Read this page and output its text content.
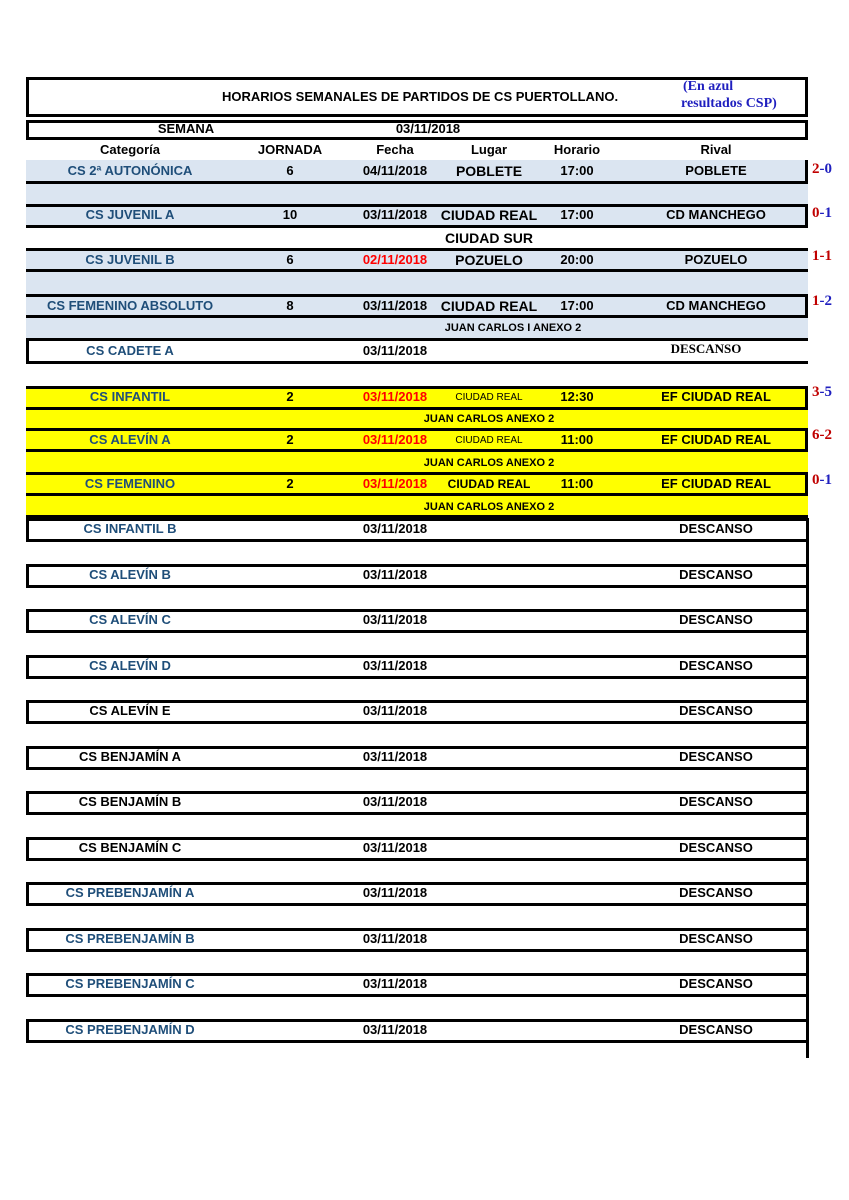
HORARIOS SEMANALES DE PARTIDOS DE CS PUERTOLLANO.
(En azul
resultados CSP)
SEMANA	03/11/2018
Categoría	JORNADA	Fecha	Lugar	Horario	Rival
CS 2ª AUTONÓNICA	6	04/11/2018 POBLETE	17:00	POBLETE	2-0
CS JUVENIL A	10	03/11/2018 CIUDAD REAL 17:00	CD MANCHEGO	0-1
CIUDAD SUR
CS JUVENIL B	6	02/11/2018 POZUELO	20:00	POZUELO	1-1
CS FEMENINO ABSOLUTO	8	03/11/2018 CIUDAD REAL 17:00	CD MANCHEGO	1-2
JUAN CARLOS I ANEXO 2
CS CADETE A	03/11/2018	DESCANSO
CS INFANTIL	2	03/11/2018	CIUDAD REAL	12:30	EF CIUDAD REAL	3-5
JUAN CARLOS ANEXO 2
CS ALEVÍN A	2	03/11/2018	CIUDAD REAL	11:00	EF CIUDAD REAL	6-2
JUAN CARLOS ANEXO 2
CS FEMENINO	2	03/11/2018 CIUDAD REAL 11:00	EF CIUDAD REAL	0-1
JUAN CARLOS ANEXO 2
CS INFANTIL B	03/11/2018	DESCANSO
CS ALEVÍN B	03/11/2018	DESCANSO
CS ALEVÍN C	03/11/2018	DESCANSO
CS ALEVÍN D	03/11/2018	DESCANSO
CS ALEVÍN E	03/11/2018	DESCANSO
CS BENJAMÍN A	03/11/2018	DESCANSO
CS BENJAMÍN B	03/11/2018	DESCANSO
CS BENJAMÍN C	03/11/2018	DESCANSO
CS PREBENJAMÍN A	03/11/2018	DESCANSO
CS PREBENJAMÍN B	03/11/2018	DESCANSO
CS PREBENJAMÍN C	03/11/2018	DESCANSO
CS PREBENJAMÍN D	03/11/2018	DESCANSO
